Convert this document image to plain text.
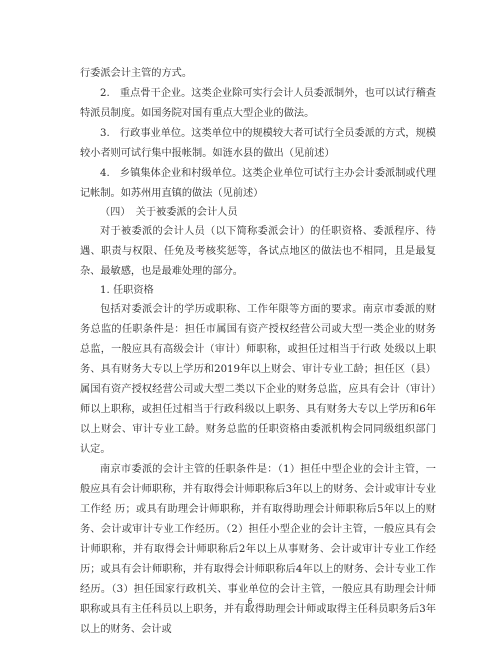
行委派会计主管的方式。

2.　重点骨干企业。这类企业除可实行会计人员委派制外，也可以试行稽查特派员制度。如国务院对国有重点大型企业的做法。

3.　行政事业单位。这类单位中的规模较大者可试行全员委派的方式，规模较小者则可试行集中报帐制。如涟水县的做出（见前述）

4.　乡镇集体企业和村级单位。这类企业单位可试行主办会计委派制或代理记帐制。如苏州用直镇的做法（见前述）

（四）　关于被委派的会计人员

对于被委派的会计人员（以下简称委派会计）的任职资格、委派程序、待遇、职责与权限、任免及考核奖惩等，各试点地区的做法也不相同，且是最复杂、最敏感，也是最难处理的部分。

1. 任职资格

包括对委派会计的学历或职称、工作年限等方面的要求。南京市委派的财务总监的任职条件是：担任市属国有资产授权经营公司或大型一类企业的财务总监，一般应具有高级会计（审计）师职称，或担任过相当于行政 处级以上职务、具有财务大专以上学历和2019年以上财会、审计专业工龄；担任区（县）属国有资产授权经营公司或大型二类以下企业的财务总监，应具有会计（审计）师以上职称，或担任过相当于行政科级以上职务、具有财务大专以上学历和6年以上财会、审计专业工龄。财务总监的任职资格由委派机构会同同级组织部门认定。

南京市委派的会计主管的任职条件是：（1）担任中型企业的会计主管，一般应具有会计师职称，并有取得会计师职称后3年以上的财务、会计或审计专业工作经 历；或具有助理会计师职称，并有取得助理会计师职称后5年以上的财务、会计或审计专业工作经历。（2）担任小型企业的会计主管，一般应具有会计师职称，并有取得会计师职称后2年以上从事财务、会计或审计专业工作经历；或具有会计师职称，并有取得会计师职称后4年以上的财务、会计专业工作经历。（3）担任国家行政机关、事业单位的会计主管，一般应具有助理会计师职称或具有主任科员以上职务，并有取得助理会计师或取得主任科员职务后3年以上的财务、会计或

6
